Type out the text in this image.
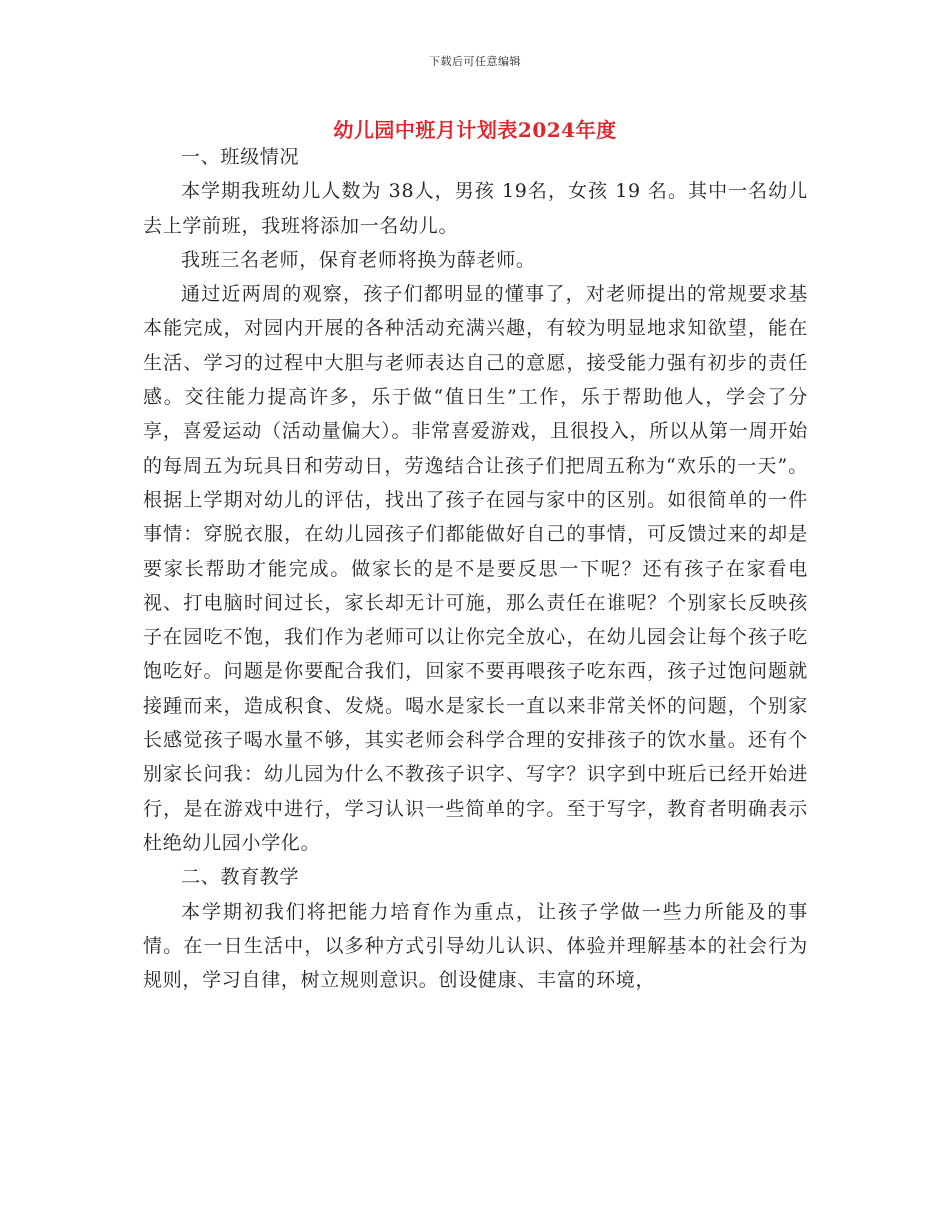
下载后可任意编辑
幼儿园中班月计划表2024年度

一、班级情况

本学期我班幼儿人数为 38人，男孩 19名，女孩 19 名。其中一名幼儿去上学前班，我班将添加一名幼儿。

我班三名老师，保育老师将换为薛老师。

通过近两周的观察，孩子们都明显的懂事了，对老师提出的常规要求基本能完成，对园内开展的各种活动充满兴趣，有较为明显地求知欲望，能在生活、学习的过程中大胆与老师表达自己的意愿，接受能力强有初步的责任感。交往能力提高许多，乐于做“值日生”工作，乐于帮助他人，学会了分享，喜爱运动（活动量偏大）。非常喜爱游戏，且很投入，所以从第一周开始的每周五为玩具日和劳动日，劳逸结合让孩子们把周五称为“欢乐的一天”。根据上学期对幼儿的评估，找出了孩子在园与家中的区别。如很简单的一件事情：穿脱衣服，在幼儿园孩子们都能做好自己的事情，可反馈过来的却是要家长帮助才能完成。做家长的是不是要反思一下呢？还有孩子在家看电视、打电脑时间过长，家长却无计可施，那么责任在谁呢？个别家长反映孩子在园吃不饱，我们作为老师可以让你完全放心，在幼儿园会让每个孩子吃饱吃好。问题是你要配合我们，回家不要再喂孩子吃东西，孩子过饱问题就接踵而来，造成积食、发烧。喝水是家长一直以来非常关怀的问题，个别家长感觉孩子喝水量不够，其实老师会科学合理的安排孩子的饮水量。还有个别家长问我：幼儿园为什么不教孩子识字、写字？识字到中班后已经开始进行，是在游戏中进行，学习认识一些简单的字。至于写字，教育者明确表示杜绝幼儿园小学化。

二、教育教学

本学期初我们将把能力培育作为重点，让孩子学做一些力所能及的事情。在一日生活中，以多种方式引导幼儿认识、体验并理解基本的社会行为规则，学习自律，树立规则意识。创设健康、丰富的环境，
